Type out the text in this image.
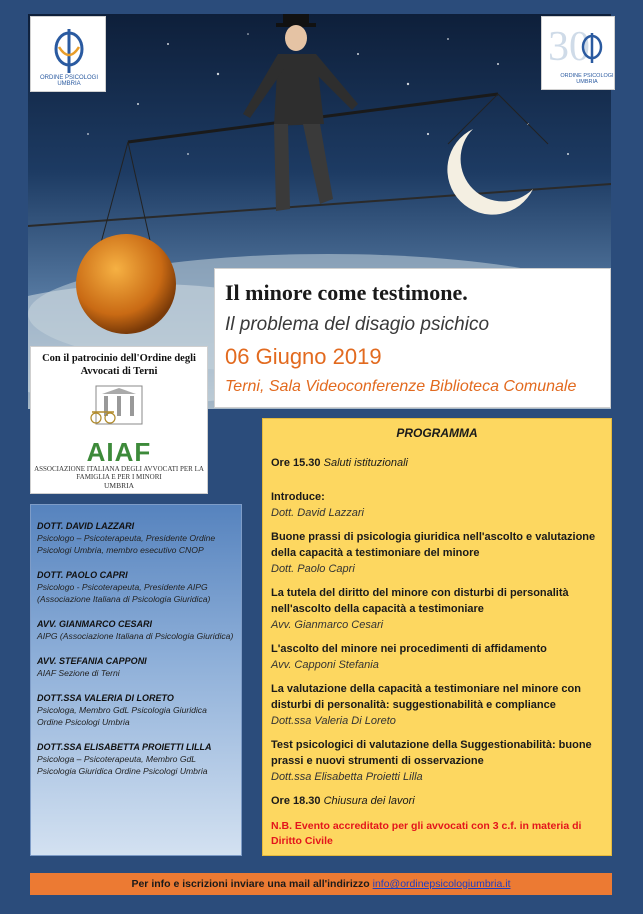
ORDINE PSICOLOGI UMBRIA
30
ORDINE PSICOLOGI UMBRIA
Il minore come testimone.
Il problema del disagio psichico
06 Giugno 2019
Terni, Sala Videoconferenze Biblioteca Comunale
Con il patrocinio dell'Ordine degli Avvocati di Terni
AIAF
ASSOCIAZIONE ITALIANA DEGLI AVVOCATI PER LA FAMIGLIA E PER I MINORI
UMBRIA
DOTT. DAVID LAZZARI
Psicologo – Psicoterapeuta, Presidente Ordine Psicologi Umbria, membro esecutivo CNOP
DOTT. PAOLO CAPRI
Psicologo - Psicoterapeuta, Presidente AIPG (Associazione Italiana di Psicologia Giuridica)
AVV. GIANMARCO CESARI
AIPG (Associazione Italiana di Psicologia Giuridica)
AVV. STEFANIA CAPPONI
AIAF Sezione di Terni
DOTT.SSA VALERIA DI LORETO
Psicologa, Membro GdL Psicologia Giuridica Ordine Psicologi Umbria
DOTT.SSA ELISABETTA PROIETTI LILLA
Psicologa – Psicoterapeuta, Membro GdL Psicologia Giuridica Ordine Psicologi Umbria
PROGRAMMA
Ore 15.30 Saluti istituzionali
Introduce:
Dott. David Lazzari
Buone prassi di psicologia giuridica nell'ascolto e valutazione della capacità a testimoniare del minore
Dott. Paolo Capri
La tutela del diritto del minore con disturbi di personalità nell'ascolto della capacità a testimoniare
Avv. Gianmarco Cesari
L'ascolto del minore nei procedimenti di affidamento
Avv. Capponi Stefania
La valutazione della capacità a testimoniare nel minore con disturbi di personalità: suggestionabilità e compliance
Dott.ssa Valeria Di Loreto
Test psicologici di valutazione della Suggestionabilità: buone prassi e nuovi strumenti di osservazione
Dott.ssa Elisabetta Proietti Lilla
Ore 18.30 Chiusura dei lavori
N.B. Evento accreditato per gli avvocati con 3 c.f. in materia di Diritto Civile
Per info e iscrizioni inviare una mail all'indirizzo info@ordinepsicologiumbria.it
